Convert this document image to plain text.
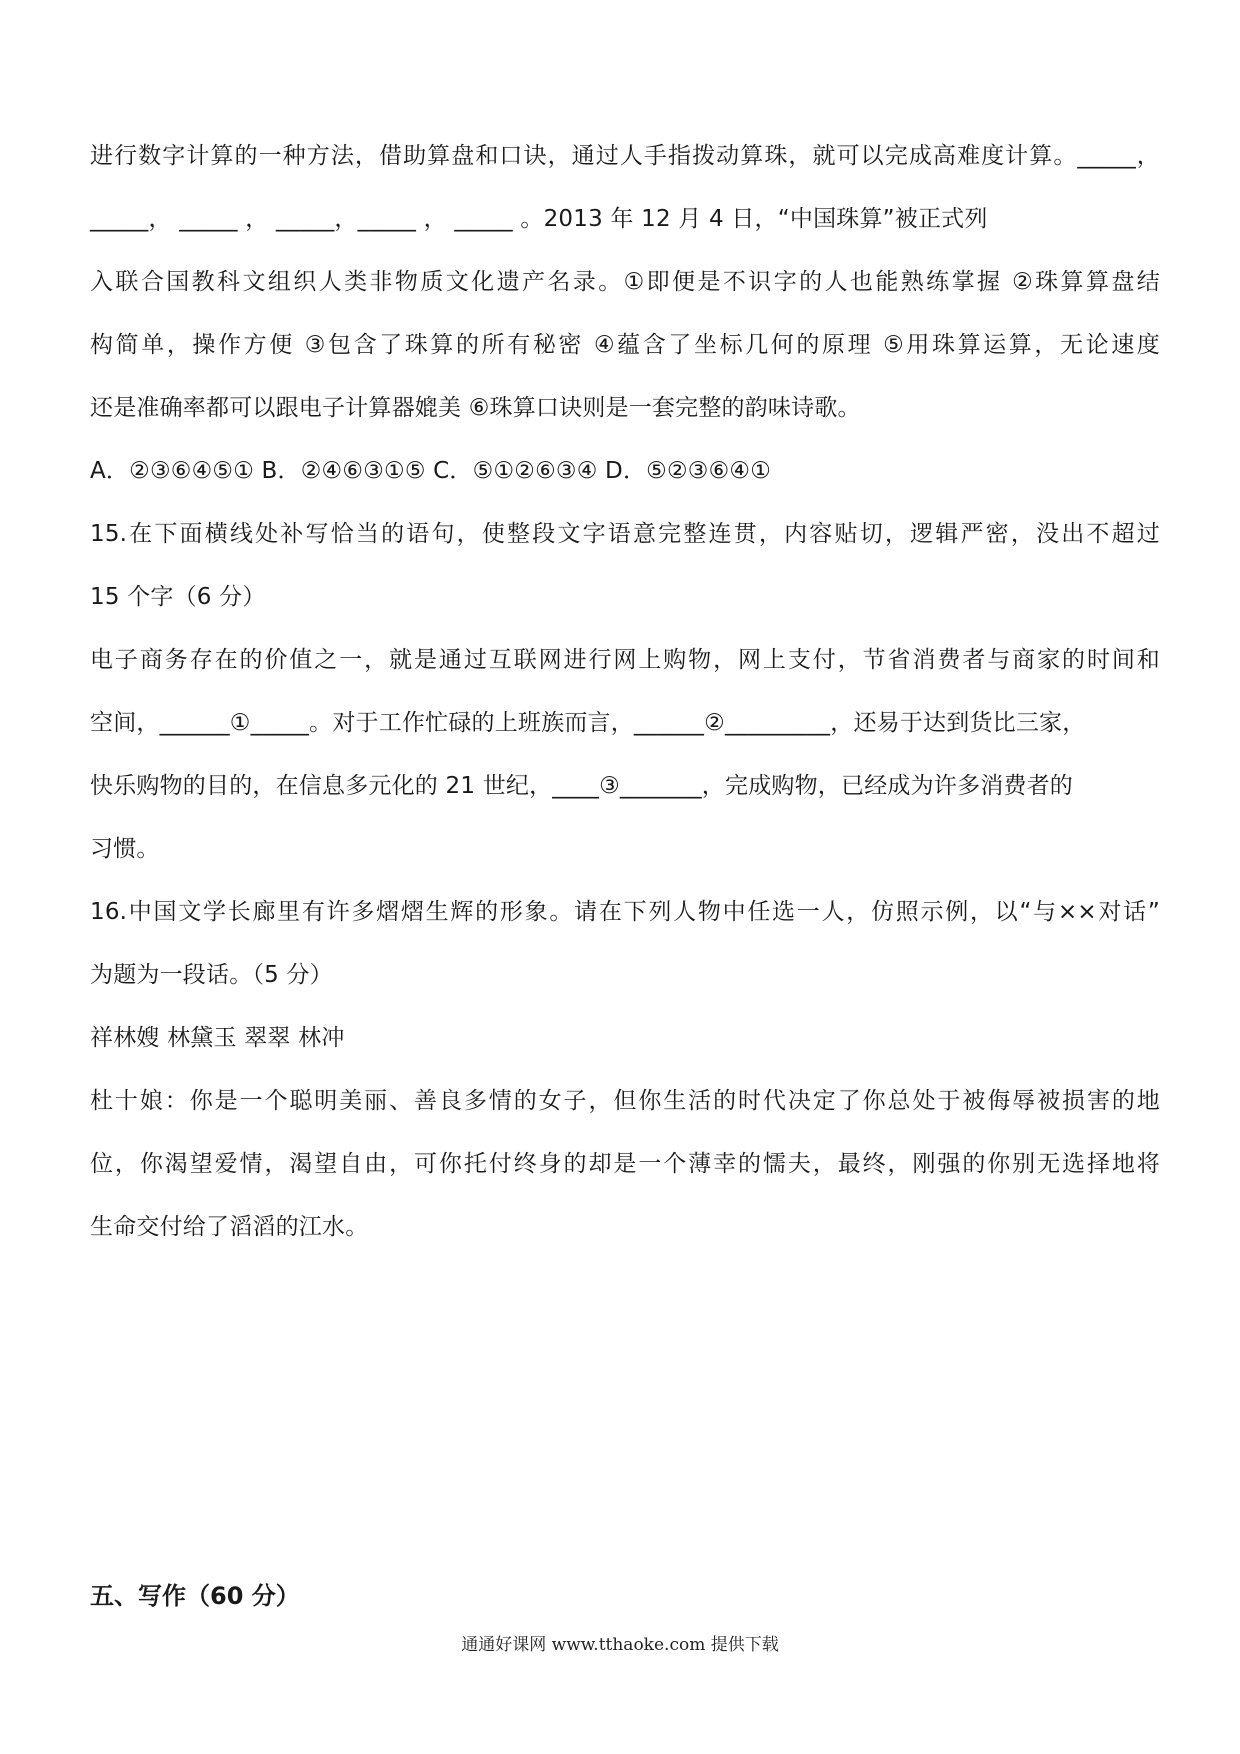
进行数字计算的一种方法，借助算盘和口诀，通过人手指拨动算珠，就可以完成高难度计算。_____，
_____， _____ ， _____，_____ ， _____ 。2013 年 12 月 4 日，“中国珠算”被正式列
入联合国教科文组织人类非物质文化遗产名录。①即便是不识字的人也能熟练掌握 ②珠算算盘结
构简单，操作方便 ③包含了珠算的所有秘密 ④蕴含了坐标几何的原理 ⑤用珠算运算，无论速度
还是准确率都可以跟电子计算器媲美 ⑥珠算口诀则是一套完整的韵味诗歌。
A．②③⑥④⑤① B．②④⑥③①⑤ C．⑤①②⑥③④ D．⑤②③⑥④①
15.在下面横线处补写恰当的语句，使整段文字语意完整连贯，内容贴切，逻辑严密，没出不超过
15 个字（6 分）
电子商务存在的价值之一，就是通过互联网进行网上购物，网上支付，节省消费者与商家的时间和
空间，______①_____。对于工作忙碌的上班族而言，______②_________，还易于达到货比三家，
快乐购物的目的，在信息多元化的 21 世纪，____③_______，完成购物，已经成为许多消费者的
习惯。
16.中国文学长廊里有许多熠熠生辉的形象。请在下列人物中任选一人，仿照示例，以“与××对话”
为题为一段话。（5 分）
祥林嫂 林黛玉 翠翠 林冲
杜十娘：你是一个聪明美丽、善良多情的女子，但你生活的时代决定了你总处于被侮辱被损害的地
位，你渴望爱情，渴望自由，可你托付终身的却是一个薄幸的懦夫，最终，刚强的你别无选择地将
生命交付给了滔滔的江水。
五、写作（60 分）
通通好课网 www.tthaoke.com 提供下载
